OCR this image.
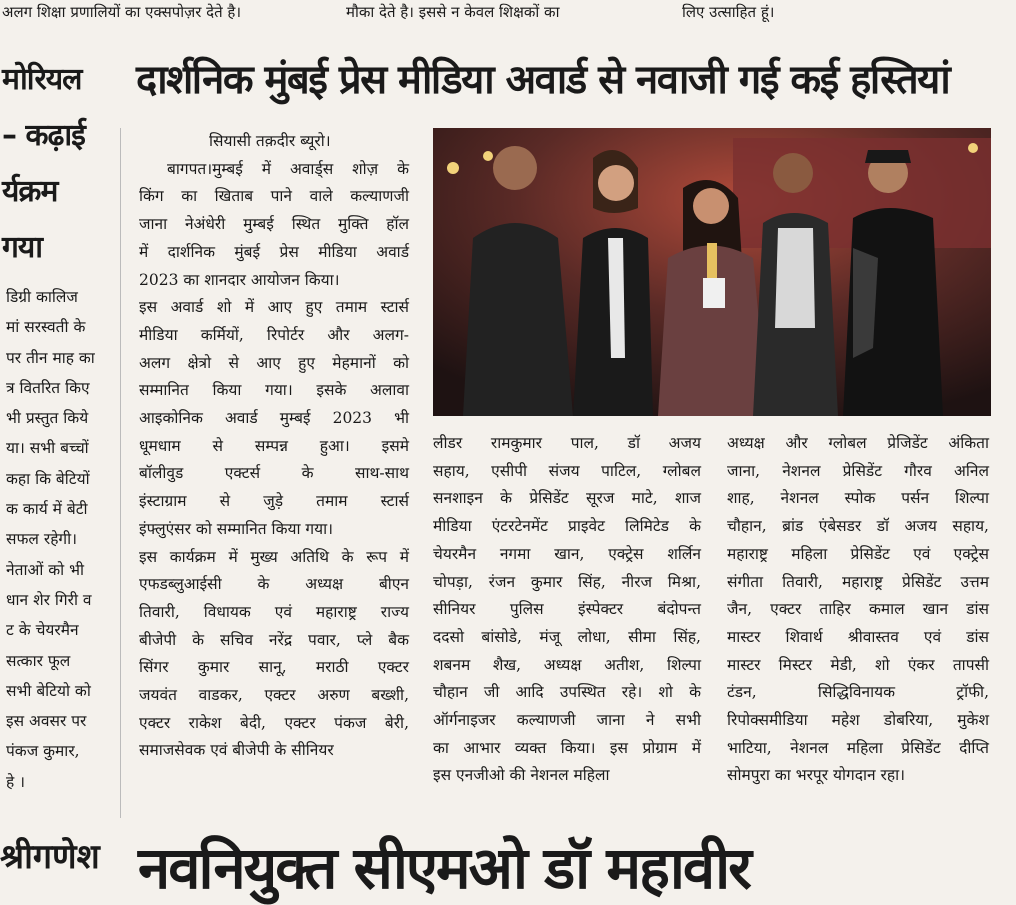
अलग शिक्षा प्रणालियों का एक्सपोज़र देते है।	मौका देते है। इससे न केवल शिक्षकों का	लिए उत्साहित हूं।
मोरियल
– कढ़ाई
र्यक्रम
गया
डिग्री कालिज
मां सरस्वती के
पर तीन माह का
त्र वितरित किए
भी प्रस्तुत किये
या। सभी बच्चों
कहा कि बेटियों
क कार्य में बेटी
सफल रहेगी।
नेताओं को भी
धान शेर गिरी व
ट के चेयरमैन
सत्कार फूल
सभी बेटियो को
इस अवसर पर
पंकज कुमार,
हे ।
दार्शनिक मुंबई प्रेस मीडिया अवार्ड से नवाजी गई कई हस्तियां
सियासी तक़दीर ब्यूरो।
बागपत।मुम्बई में अवार्ड्स शोज़ के
किंग का खिताब पाने वाले कल्याणजी
जाना नेअंधेरी मुम्बई स्थित मुक्ति हॉल
में दार्शनिक मुंबई प्रेस मीडिया अवार्ड
2023 का शानदार आयोजन किया।
इस अवार्ड शो में आए हुए तमाम स्टार्स
मीडिया कर्मियों, रिपोर्टर और अलग-
अलग क्षेत्रो से आए हुए मेहमानों को
सम्मानित किया गया। इसके अलावा
आइकोनिक अवार्ड मुम्बई 2023 भी
धूमधाम से सम्पन्न हुआ। इसमे
बॉलीवुड एक्टर्स के साथ-साथ
इंस्टाग्राम से जुड़े तमाम स्टार्स
इंफ्लुएंसर को सम्मानित किया गया।
इस कार्यक्रम में मुख्य अतिथि के रूप में
एफडब्लुआईसी के अध्यक्ष बीएन
तिवारी, विधायक एवं महाराष्ट्र राज्य
बीजेपी के सचिव नरेंद्र पवार, प्ले बैक
सिंगर कुमार सानू, मराठी एक्टर
जयवंत वाडकर, एक्टर अरुण बख्शी,
एक्टर राकेश बेदी, एक्टर पंकज बेरी,
समाजसेवक एवं बीजेपी के सीनियर
लीडर रामकुमार पाल, डॉ अजय
सहाय, एसीपी संजय पाटिल, ग्लोबल
सनशाइन के प्रेसिडेंट सूरज माटे, शाज
मीडिया एंटरटेनमेंट प्राइवेट लिमिटेड के
चेयरमैन नगमा खान, एक्ट्रेस शर्लिन
चोपड़ा, रंजन कुमार सिंह, नीरज मिश्रा,
सीनियर पुलिस इंस्पेक्टर बंदोपन्त
ददसो बांसोडे, मंजू लोधा, सीमा सिंह,
शबनम शैख, अध्यक्ष अतीश, शिल्पा
चौहान जी आदि उपस्थित रहे। शो के
ऑर्गनाइजर कल्याणजी जाना ने सभी
का आभार व्यक्त किया। इस प्रोग्राम में
इस एनजीओ की नेशनल महिला
अध्यक्ष और ग्लोबल प्रेजिडेंट अंकिता
जाना, नेशनल प्रेसिडेंट गौरव अनिल
शाह, नेशनल स्पोक पर्सन शिल्पा
चौहान, ब्रांड एंबेसडर डॉ अजय सहाय,
महाराष्ट्र महिला प्रेसिडेंट एवं एक्ट्रेस
संगीता तिवारी, महाराष्ट्र प्रेसिडेंट उत्तम
जैन, एक्टर ताहिर कमाल खान डांस
मास्टर शिवार्थ श्रीवास्तव एवं डांस
मास्टर मिस्टर मेडी, शो एंकर तापसी
टंडन, सिद्धिविनायक ट्रॉफी,
रिपोक्समीडिया महेश डोबरिया, मुकेश
भाटिया, नेशनल महिला प्रेसिडेंट दीप्ति
सोमपुरा का भरपूर योगदान रहा।
श्रीगणेश नवनियुक्त सीएमओ डॉ महावीर
